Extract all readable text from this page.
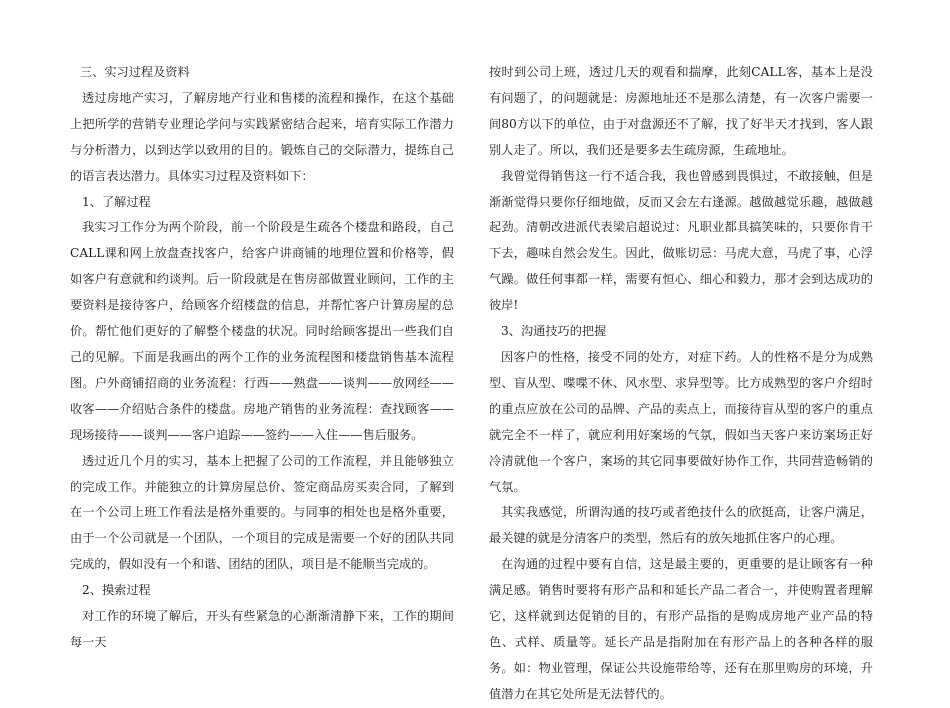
三、实习过程及资料

透过房地产实习，了解房地产行业和售楼的流程和操作，在这个基础上把所学的营销专业理论学问与实践紧密结合起来，培育实际工作潜力与分析潜力，以到达学以致用的目的。锻炼自己的交际潜力，提练自己的语言表达潜力。具体实习过程及资料如下：

1、了解过程

我实习工作分为两个阶段，前一个阶段是生疏各个楼盘和路段，自己CALL课和网上放盘查找客户，给客户讲商铺的地理位置和价格等，假如客户有意就和约谈判。后一阶段就是在售房部做置业顾问，工作的主要资料是接待客户，给顾客介绍楼盘的信息，并帮忙客户计算房屋的总价。帮忙他们更好的了解整个楼盘的状况。同时给顾客提出一些我们自己的见解。下面是我画出的两个工作的业务流程图和楼盘销售基本流程图。户外商铺招商的业务流程：行西——熟盘——谈判——放网经——收客——介绍贴合条件的楼盘。房地产销售的业务流程：查找顾客——现场接待——谈判——客户追踪——签约——入住——售后服务。

透过近几个月的实习，基本上把握了公司的工作流程，并且能够独立的完成工作。并能独立的计算房屋总价、签定商品房买卖合同，了解到在一个公司上班工作看法是格外重要的。与同事的相处也是格外重要，由于一个公司就是一个团队，一个项目的完成是需要一个好的团队共同完成的，假如没有一个和谐、团结的团队，项目是不能顺当完成的。

2、摸索过程

对工作的环境了解后，开头有些紧急的心渐渐清静下来，工作的期间每一天

按时到公司上班，透过几天的观看和揣摩，此刻CALL客，基本上是没有问题了，的问题就是：房源地址还不是那么清楚，有一次客户需要一间80方以下的单位，由于对盘源还不了解，找了好半天才找到，客人跟别人走了。所以，我们还是要多去生疏房源，生疏地址。

我曾觉得销售这一行不适合我，我也曾感到畏惧过，不敢接触，但是渐渐觉得只要你仔细地做，反而又会左右逢源。越做越觉乐趣，越做越起劲。清朝改进派代表梁启超说过：凡职业都具搞笑味的，只要你肯干下去，趣味自然会发生。因此，做账切忌：马虎大意，马虎了事，心浮气躁。做任何事都一样，需要有恒心、细心和毅力，那才会到达成功的彼岸!

3、沟通技巧的把握

因客户的性格，接受不同的处方，对症下药。人的性格不是分为成熟型、盲从型、喋喋不休、风水型、求异型等。比方成熟型的客户介绍时的重点应放在公司的品牌、产品的卖点上，而接待盲从型的客户的重点就完全不一样了，就应利用好案场的气氛，假如当天客户来访案场正好冷清就他一个客户，案场的其它同事要做好协作工作，共同营造畅销的气氛。

其实我感觉，所谓沟通的技巧或者绝技什么的欣挺高，让客户满足，最关键的就是分清客户的类型，然后有的放矢地抓住客户的心理。

在沟通的过程中要有自信，这是最主要的，更重要的是让顾客有一种满足感。销售时要将有形产品和和延长产品二者合一，并使购置者理解它，这样就到达促销的目的，有形产品指的是购成房地产业产品的特色、式样、质量等。延长产品是指附加在有形产品上的各种各样的服务。如：物业管理，保证公共设施带给等，还有在那里购房的环境，升值潜力在其它处所是无法替代的。
